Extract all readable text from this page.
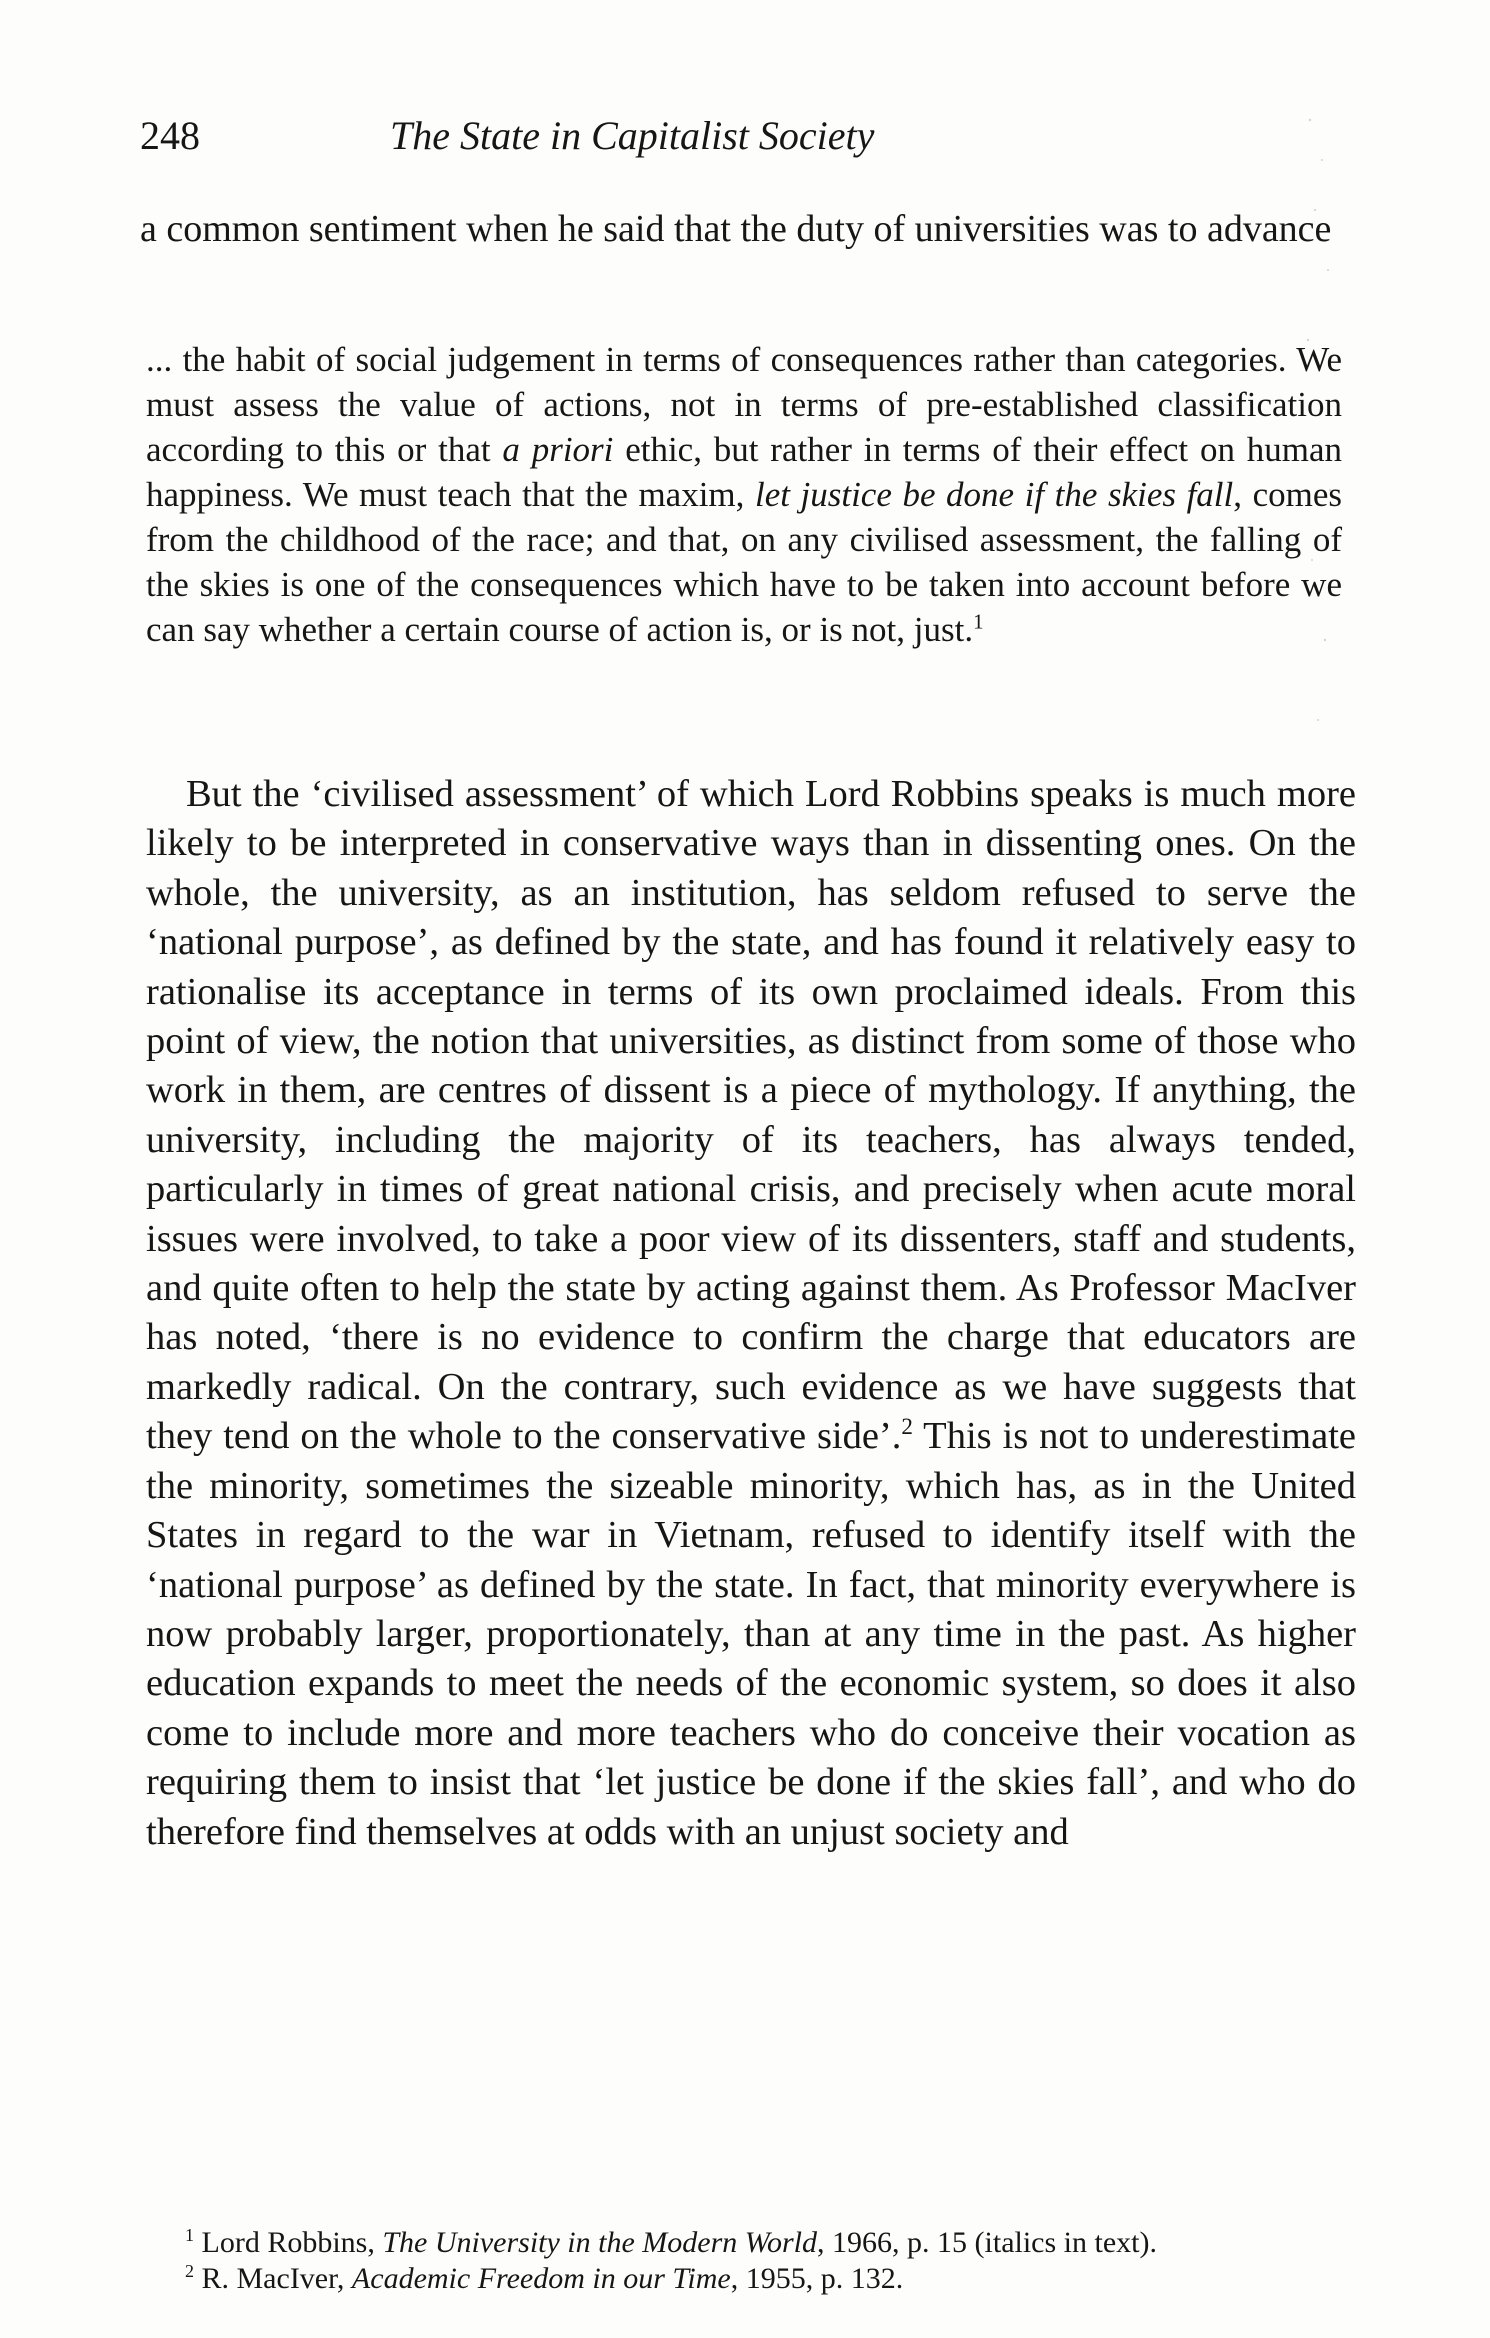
248	The State in Capitalist Society
a common sentiment when he said that the duty of universities was to advance

... the habit of social judgement in terms of consequences rather than categories. We must assess the value of actions, not in terms of pre-established classification according to this or that a priori ethic, but rather in terms of their effect on human happiness. We must teach that the maxim, let justice be done if the skies fall, comes from the childhood of the race; and that, on any civilised assessment, the falling of the skies is one of the consequences which have to be taken into account before we can say whether a certain course of action is, or is not, just.$^1$

But the ‘civilised assessment’ of which Lord Robbins speaks is much more likely to be interpreted in conservative ways than in dissenting ones. On the whole, the university, as an institution, has seldom refused to serve the ‘national purpose’, as defined by the state, and has found it relatively easy to rationalise its acceptance in terms of its own proclaimed ideals. From this point of view, the notion that universities, as distinct from some of those who work in them, are centres of dissent is a piece of mythology. If anything, the university, including the majority of its teachers, has always tended, particularly in times of great national crisis, and precisely when acute moral issues were involved, to take a poor view of its dissenters, staff and students, and quite often to help the state by acting against them. As Professor MacIver has noted, ‘there is no evidence to confirm the charge that educators are markedly radical. On the contrary, such evidence as we have suggests that they tend on the whole to the conservative side’.$^2$ This is not to underestimate the minority, sometimes the sizeable minority, which has, as in the United States in regard to the war in Vietnam, refused to identify itself with the ‘national purpose’ as defined by the state. In fact, that minority everywhere is now probably larger, proportionately, than at any time in the past. As higher education expands to meet the needs of the economic system, so does it also come to include more and more teachers who do conceive their vocation as requiring them to insist that ‘let justice be done if the skies fall’, and who do therefore find themselves at odds with an unjust society and

$^1$ Lord Robbins, The University in the Modern World, 1966, p. 15 (italics in text).

$^2$ R. MacIver, Academic Freedom in our Time, 1955, p. 132.
